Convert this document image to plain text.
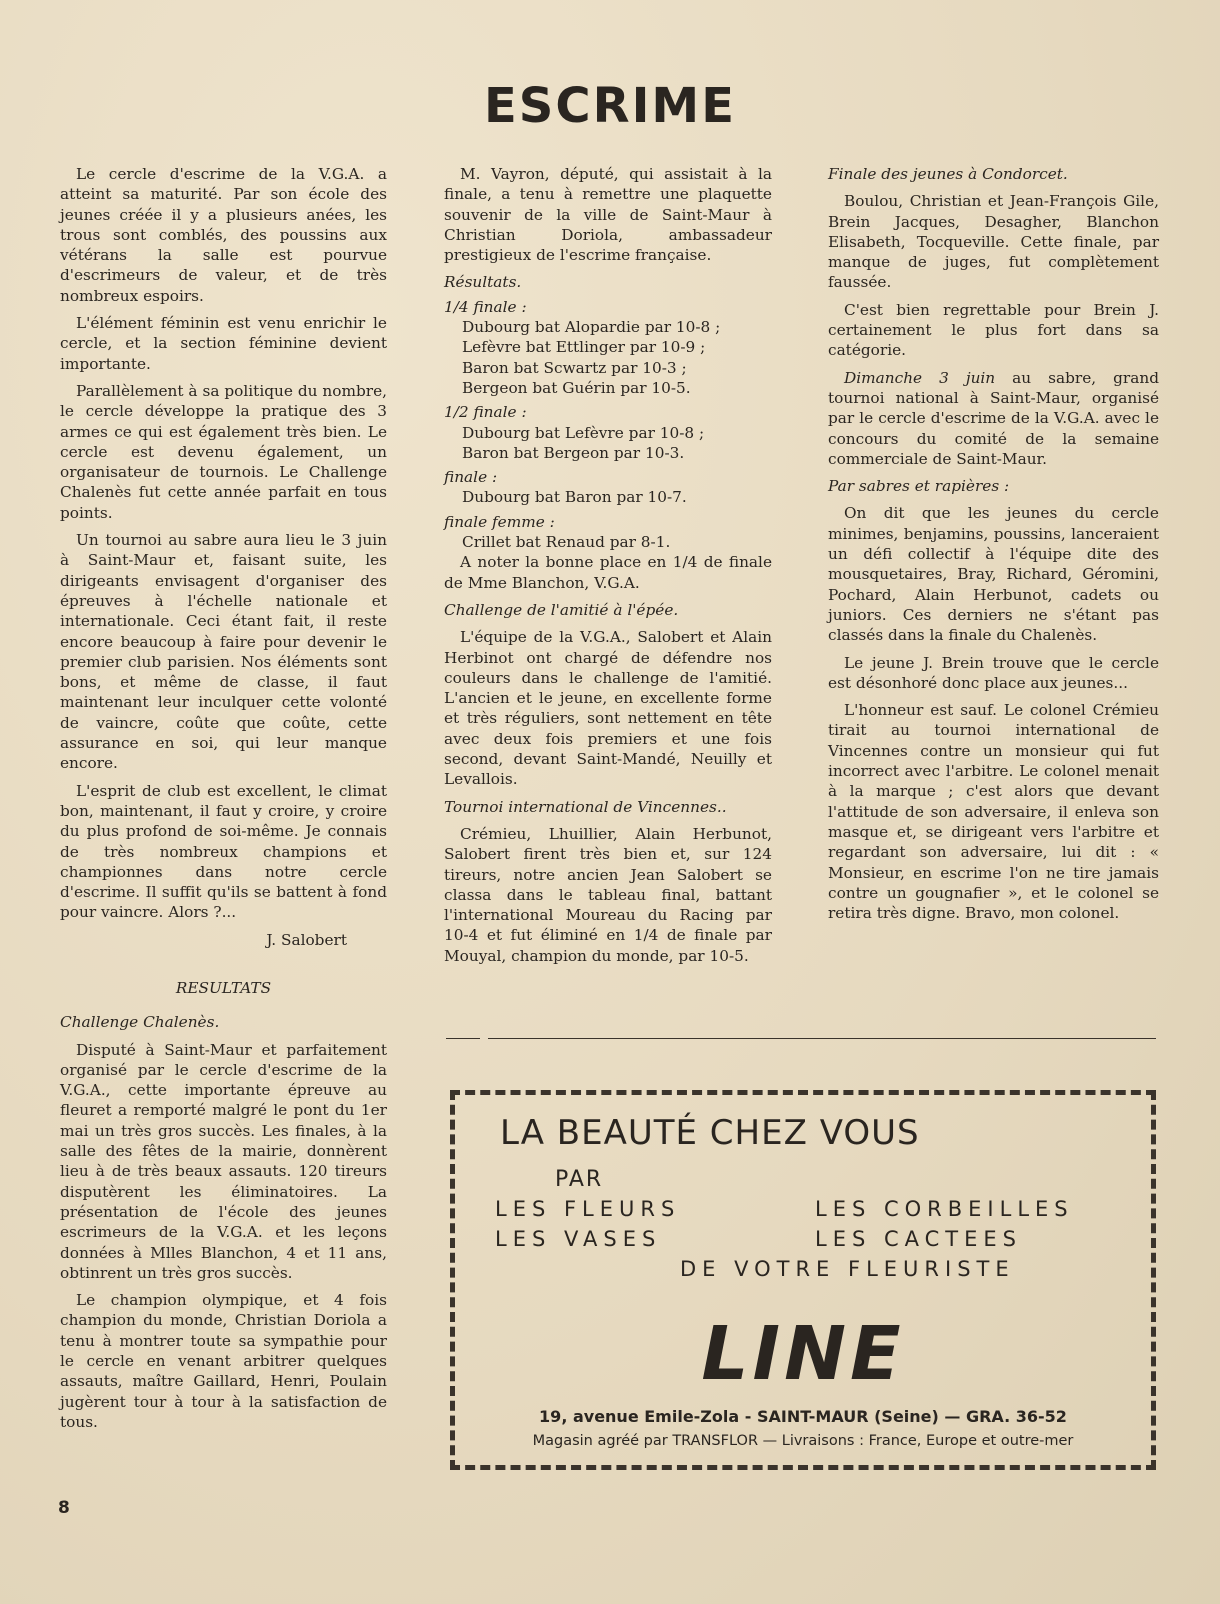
ESCRIME

Le cercle d'escrime de la V.G.A. a atteint sa maturité. Par son école des jeunes créée il y a plusieurs anées, les trous sont comblés, des poussins aux vétérans la salle est pourvue d'escrimeurs de valeur, et de très nombreux espoirs.

L'élément féminin est venu enrichir le cercle, et la section féminine devient importante.

Parallèlement à sa politique du nombre, le cercle développe la pratique des 3 armes ce qui est également très bien. Le cercle est devenu également, un organisateur de tournois. Le Challenge Chalenès fut cette année parfait en tous points.

Un tournoi au sabre aura lieu le 3 juin à Saint-Maur et, faisant suite, les dirigeants envisagent d'organiser des épreuves à l'échelle nationale et internationale. Ceci étant fait, il reste encore beaucoup à faire pour devenir le premier club parisien. Nos éléments sont bons, et même de classe, il faut maintenant leur inculquer cette volonté de vaincre, coûte que coûte, cette assurance en soi, qui leur manque encore.

L'esprit de club est excellent, le climat bon, maintenant, il faut y croire, y croire du plus profond de soi-même. Je connais de très nombreux champions et championnes dans notre cercle d'escrime. Il suffit qu'ils se battent à fond pour vaincre. Alors ?...

J. Salobert

RESULTATS

Challenge Chalenès.

Disputé à Saint-Maur et parfaitement organisé par le cercle d'escrime de la V.G.A., cette importante épreuve au fleuret a remporté malgré le pont du 1er mai un très gros succès. Les finales, à la salle des fêtes de la mairie, donnèrent lieu à de très beaux assauts. 120 tireurs disputèrent les éliminatoires. La présentation de l'école des jeunes escrimeurs de la V.G.A. et les leçons données à Mlles Blanchon, 4 et 11 ans, obtinrent un très gros succès.

Le champion olympique, et 4 fois champion du monde, Christian Doriola a tenu à montrer toute sa sympathie pour le cercle en venant arbitrer quelques assauts, maître Gaillard, Henri, Poulain jugèrent tour à tour à la satisfaction de tous.

M. Vayron, député, qui assistait à la finale, a tenu à remettre une plaquette souvenir de la ville de Saint-Maur à Christian Doriola, ambassadeur prestigieux de l'escrime française.

Résultats.

1/4 finale :

Dubourg bat Alopardie par 10-8 ;

Lefèvre bat Ettlinger par 10-9 ;

Baron bat Scwartz par 10-3 ;

Bergeon bat Guérin par 10-5.

1/2 finale :

Dubourg bat Lefèvre par 10-8 ;

Baron bat Bergeon par 10-3.

finale :

Dubourg bat Baron par 10-7.

finale femme :

Crillet bat Renaud par 8-1.

A noter la bonne place en 1/4 de finale de Mme Blanchon, V.G.A.

Challenge de l'amitié à l'épée.

L'équipe de la V.G.A., Salobert et Alain Herbinot ont chargé de défendre nos couleurs dans le challenge de l'amitié. L'ancien et le jeune, en excellente forme et très réguliers, sont nettement en tête avec deux fois premiers et une fois second, devant Saint-Mandé, Neuilly et Levallois.

Tournoi international de Vincennes..

Crémieu, Lhuillier, Alain Herbunot, Salobert firent très bien et, sur 124 tireurs, notre ancien Jean Salobert se classa dans le tableau final, battant l'international Moureau du Racing par 10-4 et fut éliminé en 1/4 de finale par Mouyal, champion du monde, par 10-5.

Finale des jeunes à Condorcet.

Boulou, Christian et Jean-François Gile, Brein Jacques, Desagher, Blanchon Elisabeth, Tocqueville. Cette finale, par manque de juges, fut complètement faussée.

C'est bien regrettable pour Brein J. certainement le plus fort dans sa catégorie.

Dimanche 3 juin au sabre, grand tournoi national à Saint-Maur, organisé par le cercle d'escrime de la V.G.A. avec le concours du comité de la semaine commerciale de Saint-Maur.

Par sabres et rapières :

On dit que les jeunes du cercle minimes, benjamins, poussins, lanceraient un défi collectif à l'équipe dite des mousquetaires, Bray, Richard, Géromini, Pochard, Alain Herbunot, cadets ou juniors. Ces derniers ne s'étant pas classés dans la finale du Chalenès.

Le jeune J. Brein trouve que le cercle est désonhoré donc place aux jeunes...

L'honneur est sauf. Le colonel Crémieu tirait au tournoi international de Vincennes contre un monsieur qui fut incorrect avec l'arbitre. Le colonel menait à la marque ; c'est alors que devant l'attitude de son adversaire, il enleva son masque et, se dirigeant vers l'arbitre et regardant son adversaire, lui dit : « Monsieur, en escrime l'on ne tire jamais contre un gougnafier », et le colonel se retira très digne. Bravo, mon colonel.

LA BEAUTÉ CHEZ VOUS
PAR
LES FLEURS	LES CORBEILLES
LES VASES	LES CACTEES
DE VOTRE FLEURISTE
LINE
19, avenue Emile-Zola - SAINT-MAUR (Seine) — GRA. 36-52
Magasin agréé par TRANSFLOR — Livraisons : France, Europe et outre-mer
8
